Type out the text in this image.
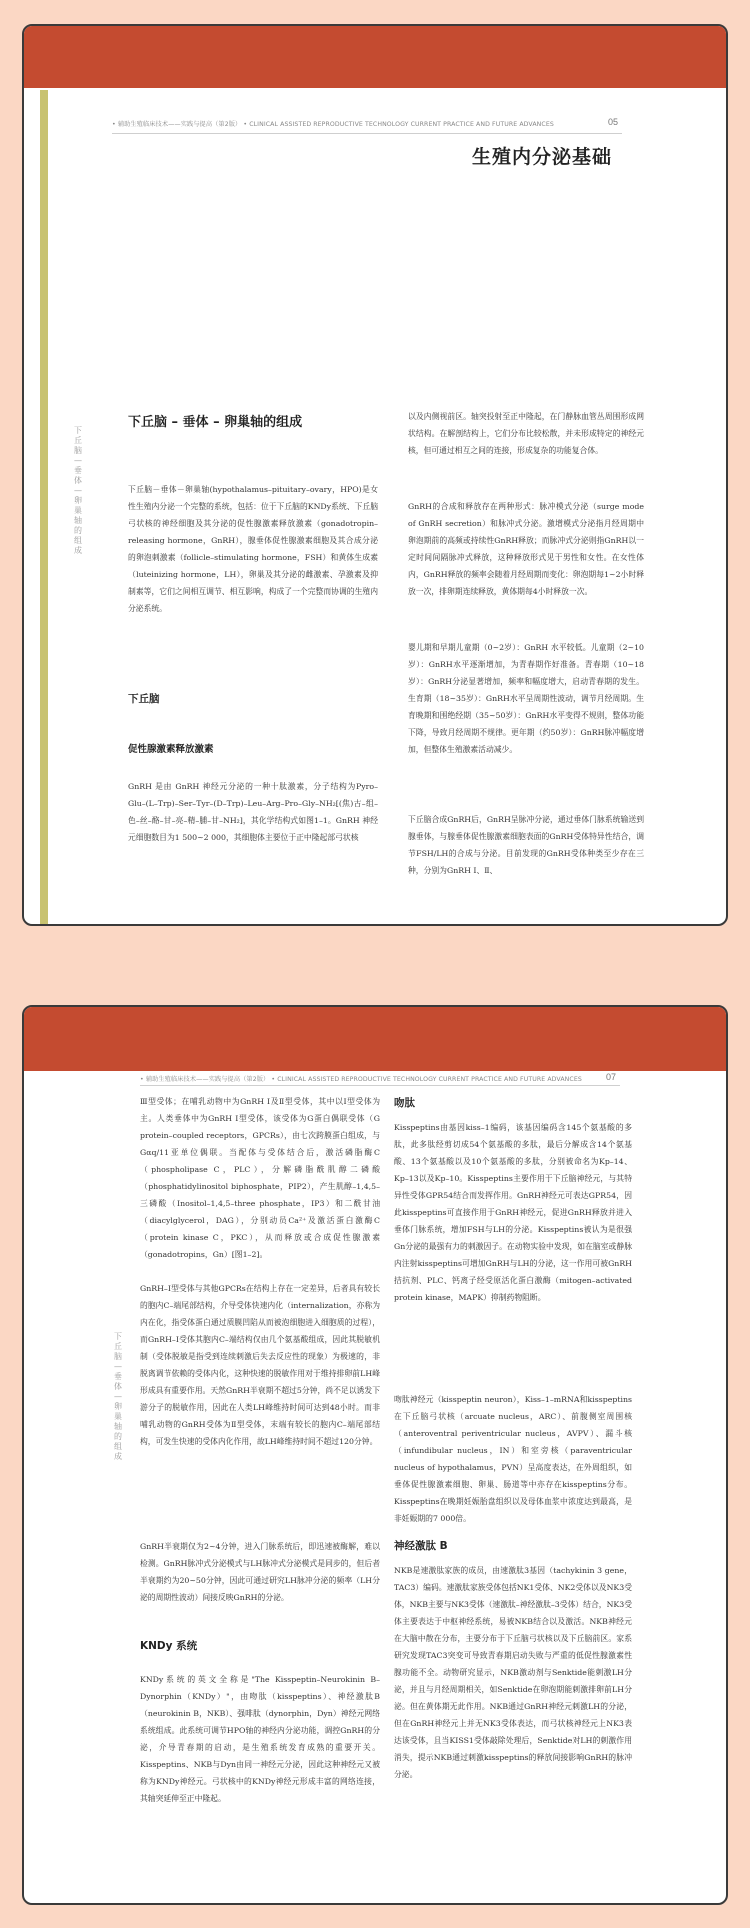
• 辅助生殖临床技术——实践与提高（第2版） • CLINICAL ASSISTED REPRODUCTIVE TECHNOLOGY CURRENT PRACTICE AND FUTURE ADVANCES	05
生殖内分泌基础
下丘脑—垂体—卵巢轴的组成
下丘脑 – 垂体 – 卵巢轴的组成

下丘脑－垂体－卵巢轴(hypothalamus–pituitary–ovary，HPO)是女性生殖内分泌一个完整的系统，包括：位于下丘脑的KNDy系统、下丘脑弓状核的神经细胞及其分泌的促性腺激素释放激素（gonadotropin–releasing hormone，GnRH），腺垂体促性腺激素细胞及其合成分泌的卵泡刺激素（follicle–stimulating hormone，FSH）和黄体生成素（luteinizing hormone，LH），卵巢及其分泌的雌激素、孕激素及抑制素等，它们之间相互调节、相互影响，构成了一个完整而协调的生殖内分泌系统。

下丘脑
促性腺激素释放激素

GnRH 是由 GnRH 神经元分泌的一种十肽激素，分子结构为Pyro–Glu–(L–Trp)–Ser–Tyr–(D–Trp)–Leu–Arg–Pro–Gly–NH₂[(焦)古–组–色–丝–酪–甘–亮–精–脯–甘–NH₂]，其化学结构式如图1–1。GnRH 神经元细胞数目为1 500~2 000，其细胞体主要位于正中隆起部弓状核

以及内侧视前区。轴突投射至正中隆起，在门静脉血管丛周围形成网状结构。在解剖结构上，它们分布比较松散，并未形成特定的神经元核，但可通过相互之间的连接，形成复杂的功能复合体。

GnRH的合成和释放存在两种形式：脉冲模式分泌（surge mode of GnRH secretion）和脉冲式分泌。激增模式分泌指月经周期中卵泡期前的高频或持续性GnRH释放；而脉冲式分泌则指GnRH以一定时间间隔脉冲式释放，这种释放形式见于男性和女性。在女性体内，GnRH释放的频率会随着月经周期而变化：卵泡期每1~2小时释放一次，排卵期连续释放，黄体期每4小时释放一次。

婴儿期和早期儿童期（0~2岁）：GnRH 水平较低。儿童期（2~10岁）：GnRH水平逐渐增加，为青春期作好准备。青春期（10~18岁）：GnRH分泌显著增加，频率和幅度增大，启动青春期的发生。生育期（18~35岁）：GnRH水平呈周期性波动，调节月经周期。生育晚期和围绝经期（35~50岁）：GnRH水平变得不规则，整体功能下降，导致月经周期不规律。更年期（约50岁）：GnRH脉冲幅度增加，但整体生殖激素活动减少。

下丘脑合成GnRH后，GnRH呈脉冲分泌，通过垂体门脉系统输送到腺垂体，与腺垂体促性腺激素细胞表面的GnRH受体特异性结合，调节FSH/LH的合成与分泌。目前发现的GnRH受体种类至少存在三种，分别为GnRH Ⅰ、Ⅱ、

• 辅助生殖临床技术——实践与提高（第2版） • CLINICAL ASSISTED REPRODUCTIVE TECHNOLOGY CURRENT PRACTICE AND FUTURE ADVANCES	07
下丘脑—垂体—卵巢轴的组成

Ⅲ型受体；在哺乳动物中为GnRH Ⅰ及Ⅱ型受体，其中以Ⅰ型受体为主。人类垂体中为GnRH Ⅰ型受体，该受体为G蛋白偶联受体（G protein–coupled receptors，GPCRs），由七次跨膜蛋白组成，与Gαq/11亚单位偶联。当配体与受体结合后，激活磷脂酶C（phospholipase C，PLC），分解磷脂酰肌醇二磷酸（phosphatidylinositol biphosphate，PIP2），产生肌醇–1,4,5–三磷酸（Inositol–1,4,5–three phosphate，IP3）和二酰甘油（diacylglycerol，DAG），分别动员Ca²⁺及激活蛋白激酶C（protein kinase C，PKC），从而释放或合成促性腺激素（gonadotropins，Gn）[图1–2]。

GnRH–Ⅰ型受体与其他GPCRs在结构上存在一定差异，后者具有较长的胞内C–端尾部结构，介导受体快速内化（internalization，亦称为内在化，指受体蛋白通过质膜凹陷从而被泡细胞进入细胞质的过程），而GnRH–Ⅰ受体其胞内C–端结构仅由几个氨基酸组成，因此其脱敏机制（受体脱敏是指受到连续刺激后失去反应性的现象）为极速的，非脱离调节依赖的受体内化，这种快速的脱敏作用对于维持排卵前LH峰形成具有重要作用。天然GnRH半衰期不超过5分钟，尚不足以诱发下游分子的脱敏作用，因此在人类LH峰维持时间可达到48小时。而非哺乳动物的GnRH受体为Ⅱ型受体，末端有较长的胞内C–端尾部结构，可发生快速的受体内化作用，故LH峰维持时间不超过120分钟。

GnRH半衰期仅为2~4分钟，进入门脉系统后，即迅速被酶解，难以检测。GnRH脉冲式分泌模式与LH脉冲式分泌模式是同步的，但后者半衰期约为20~50分钟，因此可通过研究LH脉冲分泌的频率（LH分泌的周期性波动）间接反映GnRH的分泌。

KNDy 系统

KNDy系统的英文全称是"The Kisspeptin–Neurokinin B–Dynorphin（KNDy）"，由吻肽（kisspeptins）、神经激肽B（neurokinin B，NKB）、强啡肽（dynorphin，Dyn）神经元网络系统组成。此系统可调节HPO轴的神经内分泌功能，调控GnRH的分泌，介导青春期的启动，是生殖系统发育成熟的重要开关。Kisspeptins、NKB与Dyn由同一神经元分泌，因此这种神经元又被称为KNDy神经元。弓状核中的KNDy神经元形成丰富的网络连接，其轴突延伸至正中隆起。

吻肽

Kisspeptins由基因kiss–1编码，该基因编码含145个氨基酸的多肽，此多肽经剪切成54个氨基酸的多肽，最后分解成含14个氨基酸、13个氨基酸以及10个氨基酸的多肽，分别被命名为Kp–14、Kp–13以及Kp–10。Kisspeptins主要作用于下丘脑神经元，与其特异性受体GPR54结合而发挥作用。GnRH神经元可表达GPR54，因此kisspeptins可直接作用于GnRH神经元，促进GnRH释放并进入垂体门脉系统，增加FSH与LH的分泌。Kisspeptins被认为是很强Gn分泌的最强有力的刺激因子。在动物实验中发现，如在脑室或静脉内注射kisspeptins可增加GnRH与LH的分泌，这一作用可被GnRH拮抗剂、PLC、钙离子经受原活化蛋白激酶（mitogen–activated protein kinase，MAPK）抑制药物阻断。

吻肽神经元（kisspeptin neuron），Kiss–1–mRNA和kisspeptins在下丘脑弓状核（arcuate nucleus，ARC）、前腹侧室周围核（anteroventral periventricular nucleus，AVPV）、漏斗核（infundibular nucleus，IN）和室旁核（paraventricular nucleus of hypothalamus，PVN）呈高度表达，在外周组织，如垂体促性腺激素细胞、卵巢、肠道等中亦存在kisspeptins分布。Kisspeptins在晚期妊娠胎盘组织以及母体血浆中浓度达到最高，是非妊娠期的7 000倍。

神经激肽 B

NKB是速激肽家族的成员，由速激肽3基因（tachykinin 3 gene，TAC3）编码。速激肽家族受体包括NK1受体、NK2受体以及NK3受体，NKB主要与NK3受体（速激肽–神经激肽–3受体）结合，NK3受体主要表达于中枢神经系统，易被NKB结合以及激活。NKB神经元在大脑中散在分布，主要分布于下丘脑弓状核以及下丘脑前区。家系研究发现TAC3突变可导致青春期启动失败与严重的低促性腺激素性腺功能不全。动物研究显示，NKB激动剂与Senktide能刺激LH分泌，并且与月经周期相关，如Senktide在卵泡期能刺激排卵前LH分泌。但在黄体期无此作用。NKB通过GnRH神经元刺激LH的分泌，但在GnRH神经元上并无NK3受体表达，而弓状核神经元上NK3表达该受体，且当KISS1受体敲除处理后，Senktide对LH的刺激作用消失，提示NKB通过刺激kisspeptins的释放间接影响GnRH的脉冲分泌。
